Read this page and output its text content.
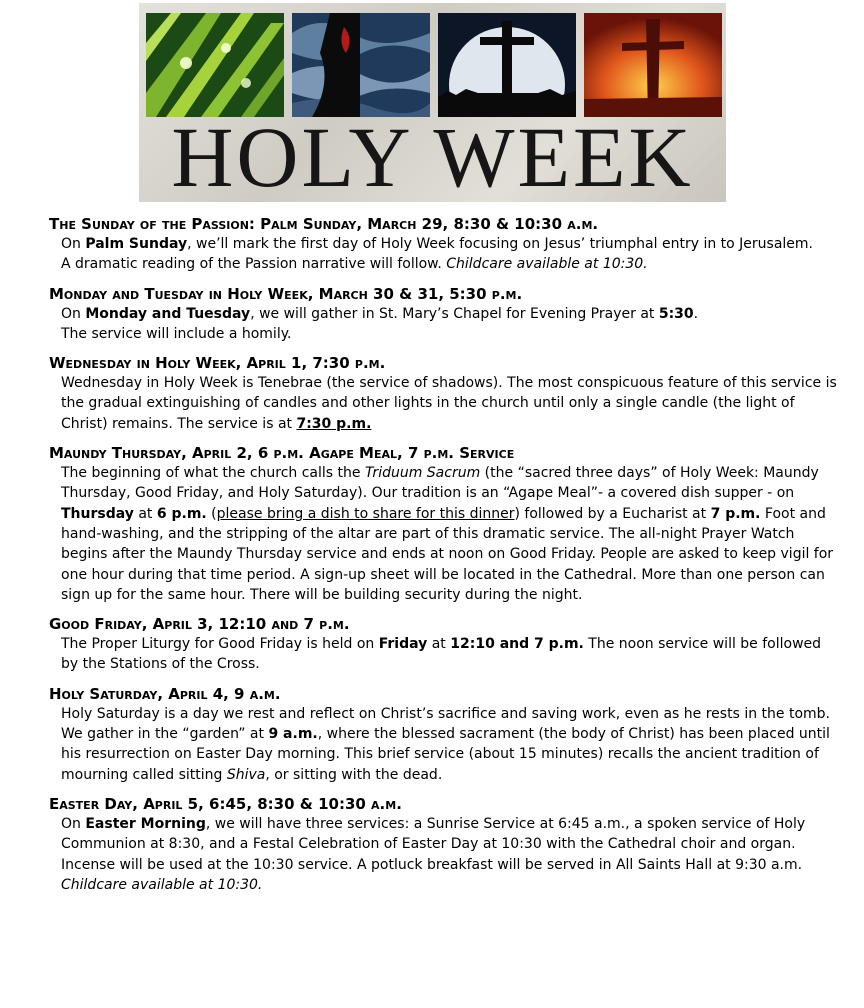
HOLY WEEK
The Sunday of the Passion: Palm Sunday, March 29, 8:30 & 10:30 a.m.

On Palm Sunday, we’ll mark the first day of Holy Week focusing on Jesus’ triumphal entry in to Jerusalem.

A dramatic reading of the Passion narrative will follow. Childcare available at 10:30.

Monday and Tuesday in Holy Week, March 30 & 31, 5:30 p.m.

On Monday and Tuesday, we will gather in St. Mary’s Chapel for Evening Prayer at 5:30.

The service will include a homily.

Wednesday in Holy Week, April 1, 7:30 p.m.

Wednesday in Holy Week is Tenebrae (the service of shadows). The most conspicuous feature of this service is the gradual extinguishing of candles and other lights in the church until only a single candle (the light of Christ) remains. The service is at 7:30 p.m.

Maundy Thursday, April 2, 6 p.m. Agape Meal, 7 p.m. Service

The beginning of what the church calls the Triduum Sacrum (the “sacred three days” of Holy Week: Maundy Thursday, Good Friday, and Holy Saturday). Our tradition is an “Agape Meal”- a covered dish supper - on Thursday at 6 p.m. (please bring a dish to share for this dinner) followed by a Eucharist at 7 p.m. Foot and hand-washing, and the stripping of the altar are part of this dramatic service. The all-night Prayer Watch begins after the Maundy Thursday service and ends at noon on Good Friday. People are asked to keep vigil for one hour during that time period. A sign-up sheet will be located in the Cathedral. More than one person can sign up for the same hour. There will be building security during the night.

Good Friday, April 3, 12:10 and 7 p.m.

The Proper Liturgy for Good Friday is held on Friday at 12:10 and 7 p.m. The noon service will be followed by the Stations of the Cross.

Holy Saturday, April 4, 9 a.m.

Holy Saturday is a day we rest and reflect on Christ’s sacrifice and saving work, even as he rests in the tomb. We gather in the “garden” at 9 a.m., where the blessed sacrament (the body of Christ) has been placed until his resurrection on Easter Day morning. This brief service (about 15 minutes) recalls the ancient tradition of mourning called sitting Shiva, or sitting with the dead.

Easter Day, April 5, 6:45, 8:30 & 10:30 a.m.

On Easter Morning, we will have three services: a Sunrise Service at 6:45 a.m., a spoken service of Holy Communion at 8:30, and a Festal Celebration of Easter Day at 10:30 with the Cathedral choir and organ. Incense will be used at the 10:30 service. A potluck breakfast will be served in All Saints Hall at 9:30 a.m.

Childcare available at 10:30.
